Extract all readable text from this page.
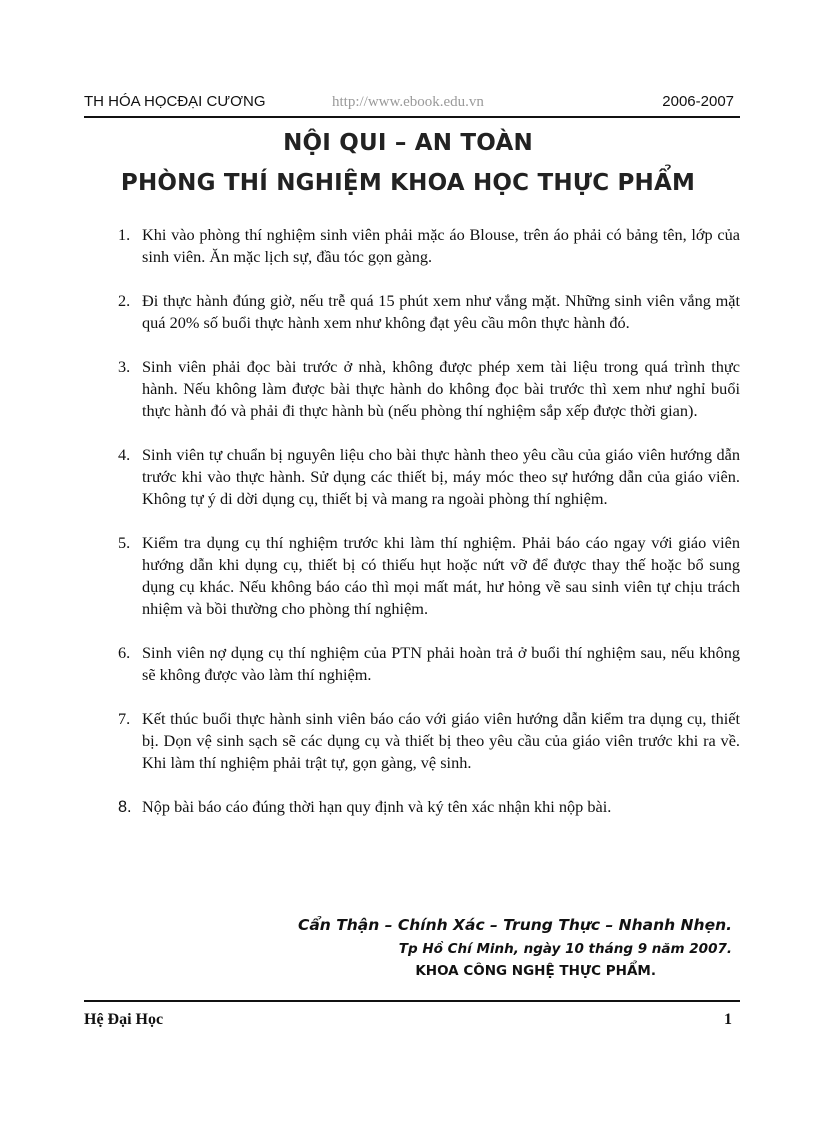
TH HÓA HỌCĐẠI CƯƠNG	http://www.ebook.edu.vn	2006-2007
NỘI QUI – AN TOÀN
PHÒNG THÍ NGHIỆM KHOA HỌC THỰC PHẨM
1. Khi vào phòng thí nghiệm sinh viên phải mặc áo Blouse, trên áo phải có bảng tên, lớp của sinh viên. Ăn mặc lịch sự, đầu tóc gọn gàng.
2. Đi thực hành đúng giờ, nếu trễ quá 15 phút xem như vắng mặt. Những sinh viên vắng mặt quá 20% số buổi thực hành xem như không đạt yêu cầu môn thực hành đó.
3. Sinh viên phải đọc bài trước ở nhà, không được phép xem tài liệu trong quá trình thực hành. Nếu không làm được bài thực hành do không đọc bài trước thì xem như nghỉ buổi thực hành đó và phải đi thực hành bù (nếu phòng thí nghiệm sắp xếp được thời gian).
4. Sinh viên tự chuẩn bị nguyên liệu cho bài thực hành theo yêu cầu của giáo viên hướng dẫn trước khi vào thực hành. Sử dụng các thiết bị, máy móc theo sự hướng dẫn của giáo viên. Không tự ý di dời dụng cụ, thiết bị và mang ra ngoài phòng thí nghiệm.
5. Kiểm tra dụng cụ thí nghiệm trước khi làm thí nghiệm. Phải báo cáo ngay với giáo viên hướng dẫn khi dụng cụ, thiết bị có thiếu hụt hoặc nứt vỡ để được thay thế hoặc bổ sung dụng cụ khác. Nếu không báo cáo thì mọi mất mát, hư hỏng về sau sinh viên tự chịu trách nhiệm và bồi thường cho phòng thí nghiệm.
6. Sinh viên nợ dụng cụ thí nghiệm của PTN phải hoàn trả ở buổi thí nghiệm sau, nếu không sẽ không được vào làm thí nghiệm.
7. Kết thúc buổi thực hành sinh viên báo cáo với giáo viên hướng dẫn kiểm tra dụng cụ, thiết bị. Dọn vệ sinh sạch sẽ các dụng cụ và thiết bị theo yêu cầu của giáo viên trước khi ra về. Khi làm thí nghiệm phải trật tự, gọn gàng, vệ sinh.
8. Nộp bài báo cáo đúng thời hạn quy định và ký tên xác nhận khi nộp bài.
Cẩn Thận – Chính Xác – Trung Thực – Nhanh Nhẹn.
Tp Hồ Chí Minh, ngày 10 tháng 9 năm 2007.
KHOA CÔNG NGHỆ THỰC PHẨM.
Hệ Đại Học	1
